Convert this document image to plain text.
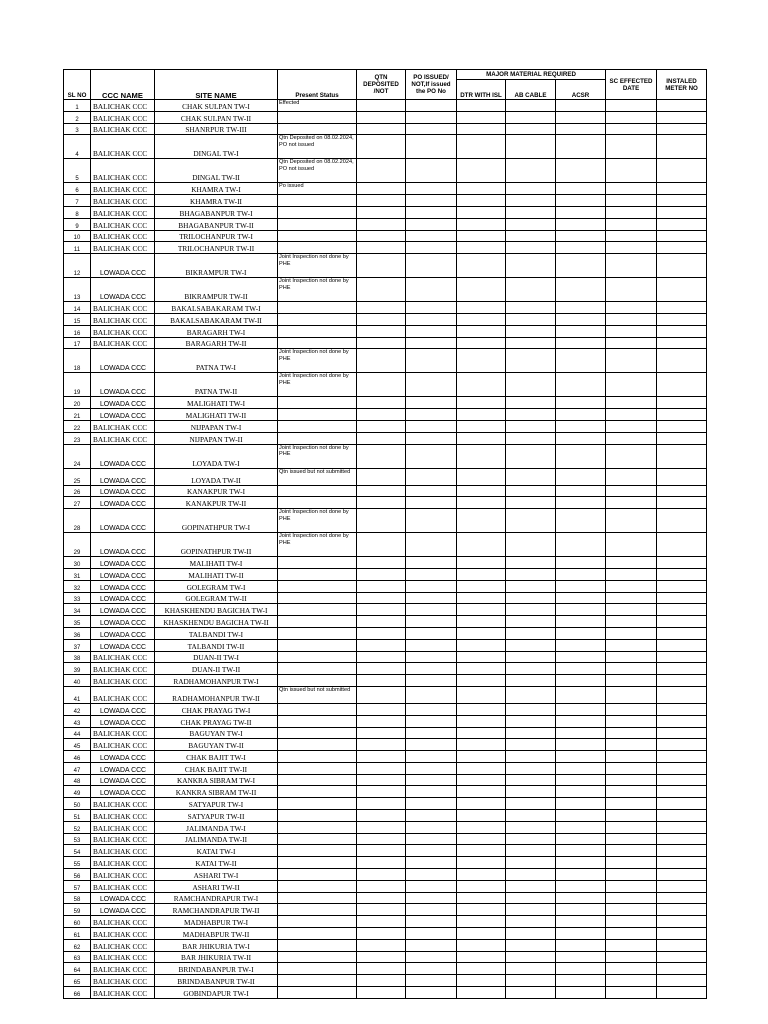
SL NO	CCC NAME	SITE NAME	Present Status	QTN DEPOSITED /NOT	PO ISSUED/ NOT,If issued the PO No	MAJOR MATERIAL REQUIRED			SC EFFECTED DATE	INSTALED METER NO
						DTR WITH ISL	AB CABLE	ACSR		
1	BALICHAK CCC	CHAK SULPAN TW-I	Effected							
2	BALICHAK CCC	CHAK SULPAN TW-II								
3	BALICHAK CCC	SHANRPUR TW-III								
4	BALICHAK CCC	DINGAL TW-I	Qtn Deposited on 08.02.2024, PO not issued							
5	BALICHAK CCC	DINGAL TW-II	Qtn Deposited on 08.02.2024, PO not issued							
6	BALICHAK CCC	KHAMRA TW-I	Po issued							
7	BALICHAK CCC	KHAMRA TW-II								
8	BALICHAK CCC	BHAGABANPUR TW-I								
9	BALICHAK CCC	BHAGABANPUR TW-II								
10	BALICHAK CCC	TRILOCHANPUR TW-I								
11	BALICHAK CCC	TRILOCHANPUR TW-II								
12	LOWADA CCC	BIKRAMPUR TW-I	Joint Inspection not done by PHE							
13	LOWADA CCC	BIKRAMPUR TW-II	Joint Inspection not done by PHE							
14	BALICHAK CCC	BAKALSABAKARAM TW-I								
15	BALICHAK CCC	BAKALSABAKARAM TW-II								
16	BALICHAK CCC	BARAGARH TW-I								
17	BALICHAK CCC	BARAGARH TW-II								
18	LOWADA CCC	PATNA TW-I	Joint Inspection not done by PHE							
19	LOWADA CCC	PATNA TW-II	Joint Inspection not done by PHE							
20	LOWADA CCC	MALIGHATI TW-I								
21	LOWADA CCC	MALIGHATI TW-II								
22	BALICHAK CCC	NIJPAPAN TW-I								
23	BALICHAK CCC	NIJPAPAN TW-II								
24	LOWADA CCC	LOYADA TW-I	Joint Inspection not done by PHE							
25	LOWADA CCC	LOYADA TW-II	Qtn issued but not submitted							
26	LOWADA CCC	KANAKPUR TW-I								
27	LOWADA CCC	KANAKPUR TW-II								
28	LOWADA CCC	GOPINATHPUR TW-I	Joint Inspection not done by PHE							
29	LOWADA CCC	GOPINATHPUR TW-II	Joint Inspection not done by PHE							
30	LOWADA CCC	MALIHATI TW-I								
31	LOWADA CCC	MALIHATI TW-II								
32	LOWADA CCC	GOLEGRAM TW-I								
33	LOWADA CCC	GOLEGRAM TW-II								
34	LOWADA CCC	KHASKHENDU BAGICHA TW-I								
35	LOWADA CCC	KHASKHENDU BAGICHA TW-II								
36	LOWADA CCC	TALBANDI TW-I								
37	LOWADA CCC	TALBANDI TW-II								
38	BALICHAK CCC	DUAN-II TW-I								
39	BALICHAK CCC	DUAN-II TW-II								
40	BALICHAK CCC	RADHAMOHANPUR TW-I								
41	BALICHAK CCC	RADHAMOHANPUR TW-II	Qtn issued but not submitted							
42	LOWADA CCC	CHAK PRAYAG TW-I								
43	LOWADA CCC	CHAK PRAYAG TW-II								
44	BALICHAK CCC	BAGUYAN TW-I								
45	BALICHAK CCC	BAGUYAN TW-II								
46	LOWADA CCC	CHAK BAJIT TW-I								
47	LOWADA CCC	CHAK BAJIT TW-II								
48	LOWADA CCC	KANKRA SIBRAM TW-I								
49	LOWADA CCC	KANKRA SIBRAM TW-II								
50	BALICHAK CCC	SATYAPUR TW-I								
51	BALICHAK CCC	SATYAPUR TW-II								
52	BALICHAK CCC	JALIMANDA TW-I								
53	BALICHAK CCC	JALIMANDA TW-II								
54	BALICHAK CCC	KATAI TW-I								
55	BALICHAK CCC	KATAI TW-II								
56	BALICHAK CCC	ASHARI TW-I								
57	BALICHAK CCC	ASHARI TW-II								
58	LOWADA CCC	RAMCHANDRAPUR TW-I								
59	LOWADA CCC	RAMCHANDRAPUR TW-II								
60	BALICHAK CCC	MADHABPUR TW-I								
61	BALICHAK CCC	MADHABPUR TW-II								
62	BALICHAK CCC	BAR JHIKURIA TW-I								
63	BALICHAK CCC	BAR JHIKURIA TW-II								
64	BALICHAK CCC	BRINDABANPUR TW-I								
65	BALICHAK CCC	BRINDABANPUR TW-II								
66	BALICHAK CCC	GOBINDAPUR TW-I								
